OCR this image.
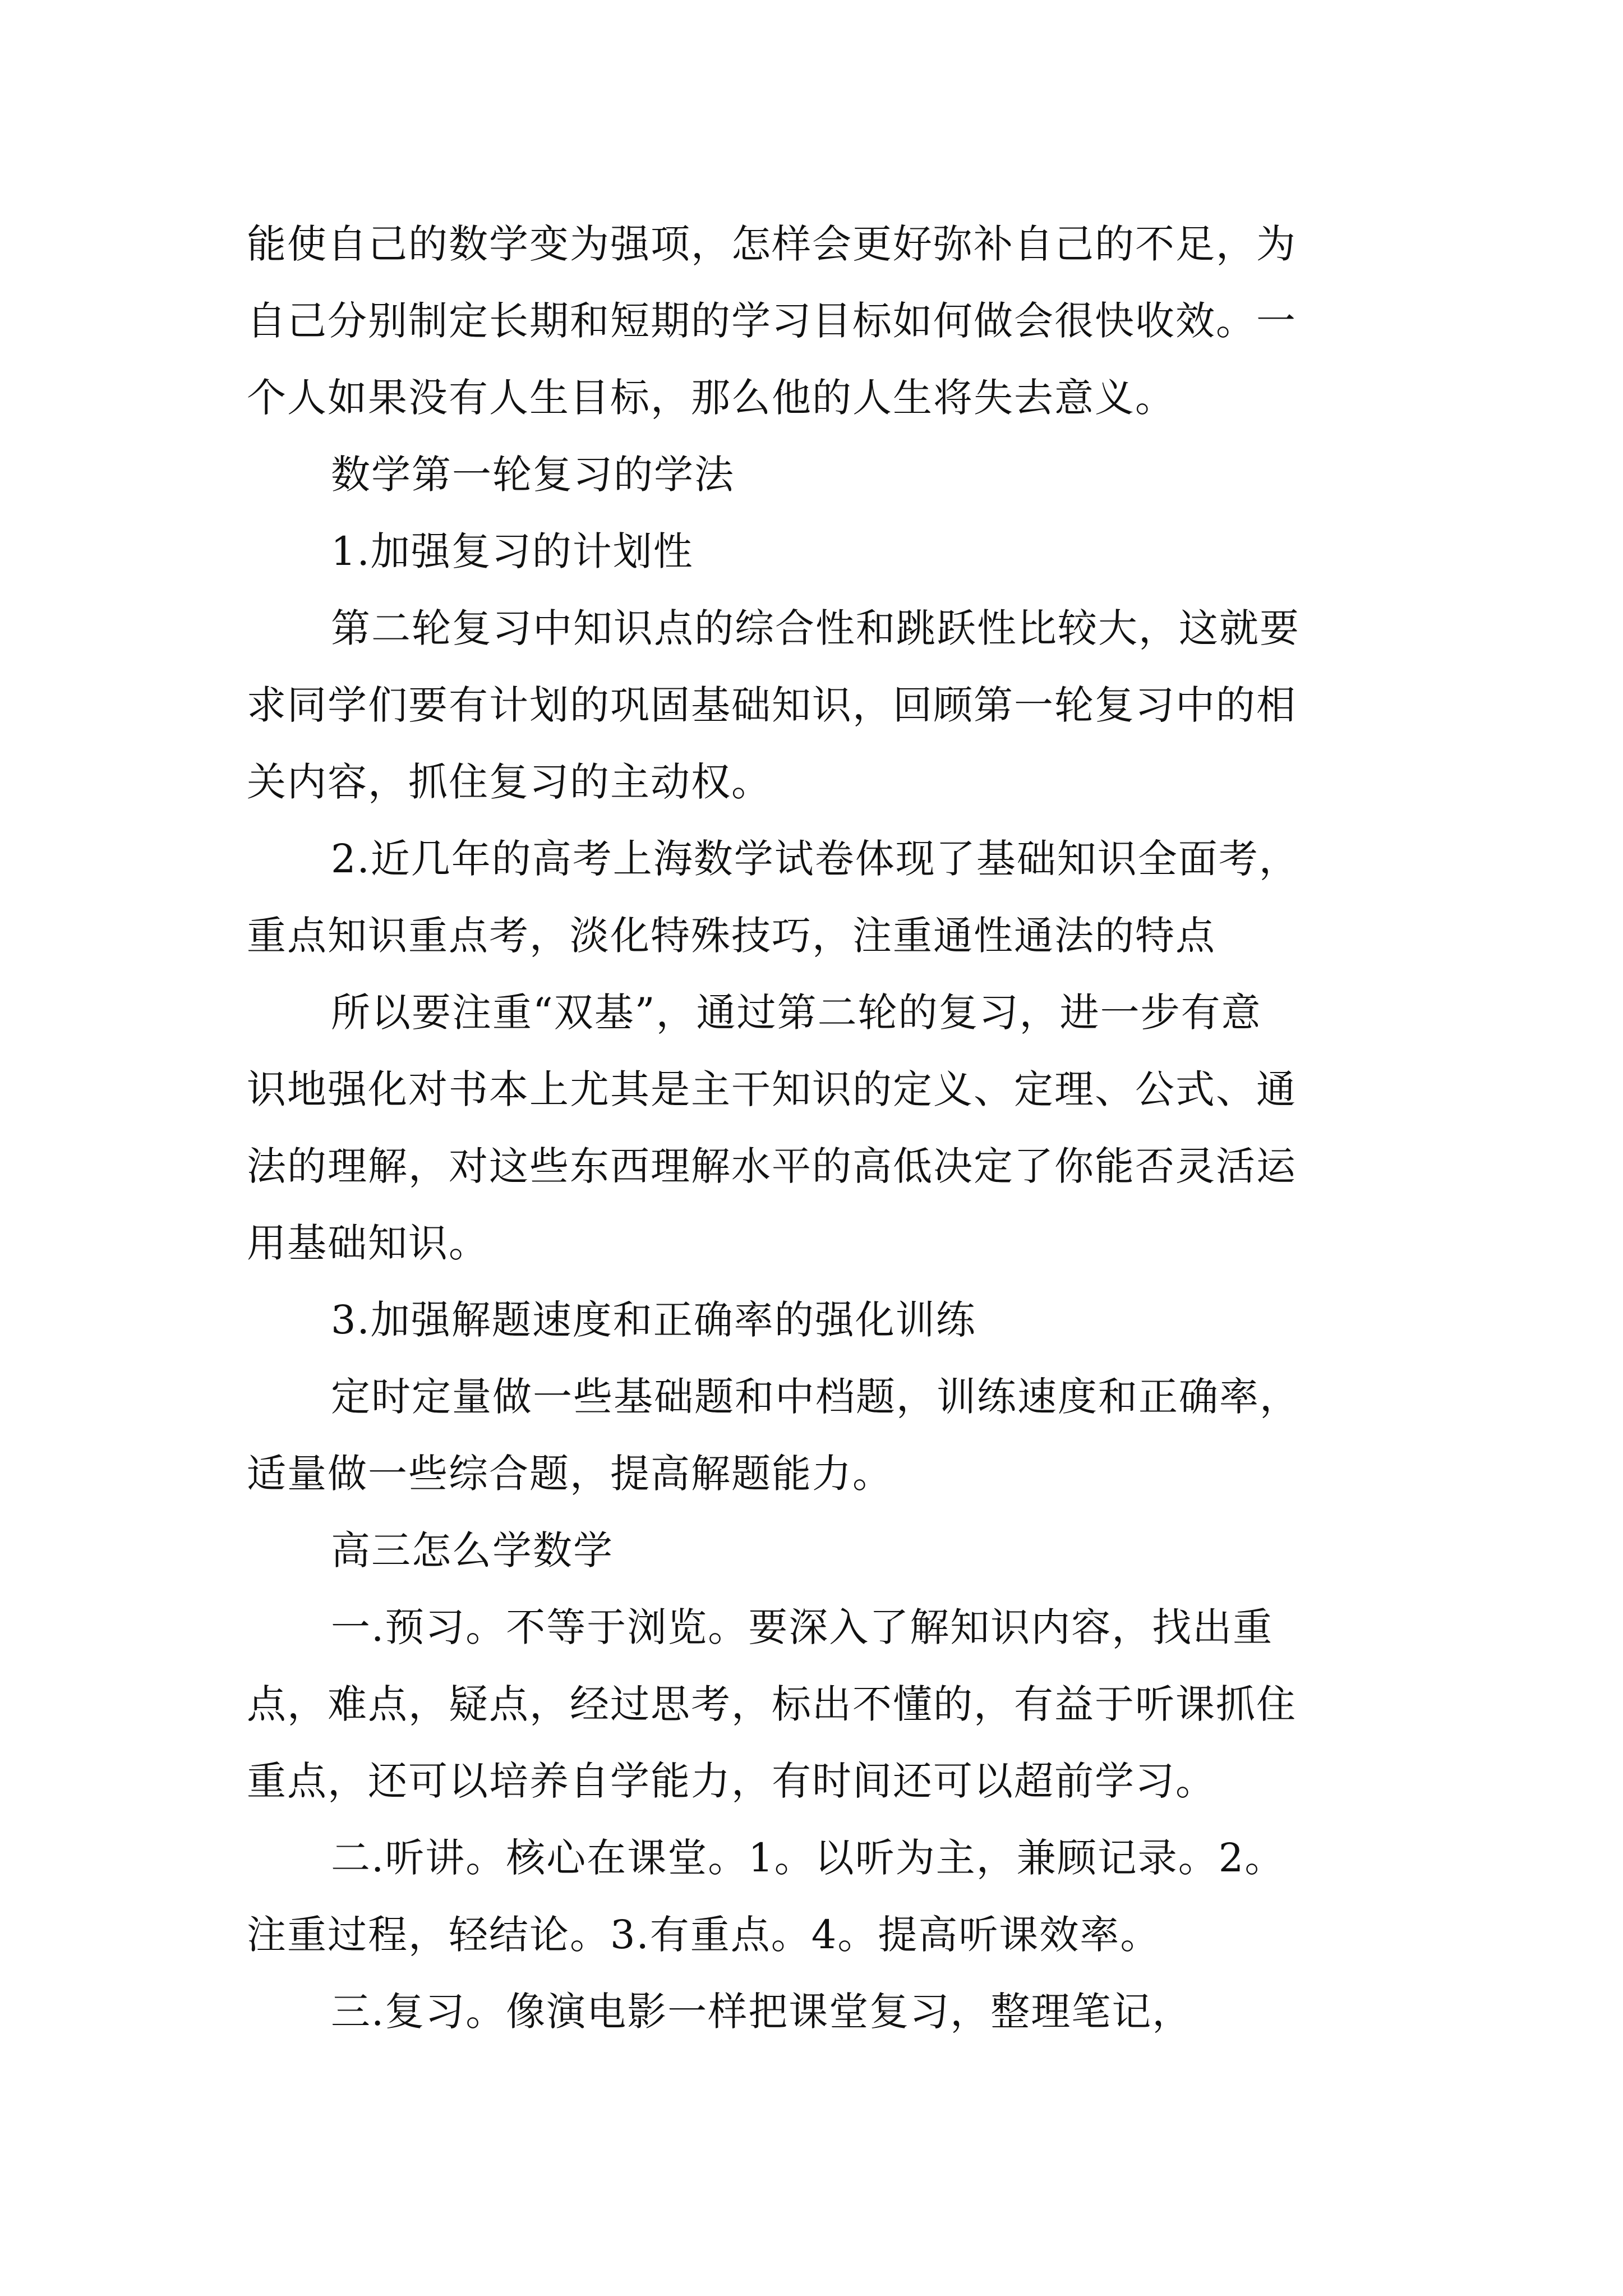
能使自己的数学变为强项，怎样会更好弥补自己的不足，为
自己分别制定长期和短期的学习目标如何做会很快收效。一
个人如果没有人生目标，那么他的人生将失去意义。
数学第一轮复习的学法
1.加强复习的计划性
第二轮复习中知识点的综合性和跳跃性比较大，这就要
求同学们要有计划的巩固基础知识，回顾第一轮复习中的相
关内容，抓住复习的主动权。
2.近几年的高考上海数学试卷体现了基础知识全面考，
重点知识重点考，淡化特殊技巧，注重通性通法的特点
所以要注重“双基”，通过第二轮的复习，进一步有意
识地强化对书本上尤其是主干知识的定义、定理、公式、通
法的理解，对这些东西理解水平的高低决定了你能否灵活运
用基础知识。
3.加强解题速度和正确率的强化训练
定时定量做一些基础题和中档题，训练速度和正确率，
适量做一些综合题，提高解题能力。
高三怎么学数学
一.预习。不等于浏览。要深入了解知识内容，找出重
点，难点，疑点，经过思考，标出不懂的，有益于听课抓住
重点，还可以培养自学能力，有时间还可以超前学习。
二.听讲。核心在课堂。1。以听为主，兼顾记录。2。
注重过程，轻结论。3.有重点。4。提高听课效率。
三.复习。像演电影一样把课堂复习，整理笔记，
